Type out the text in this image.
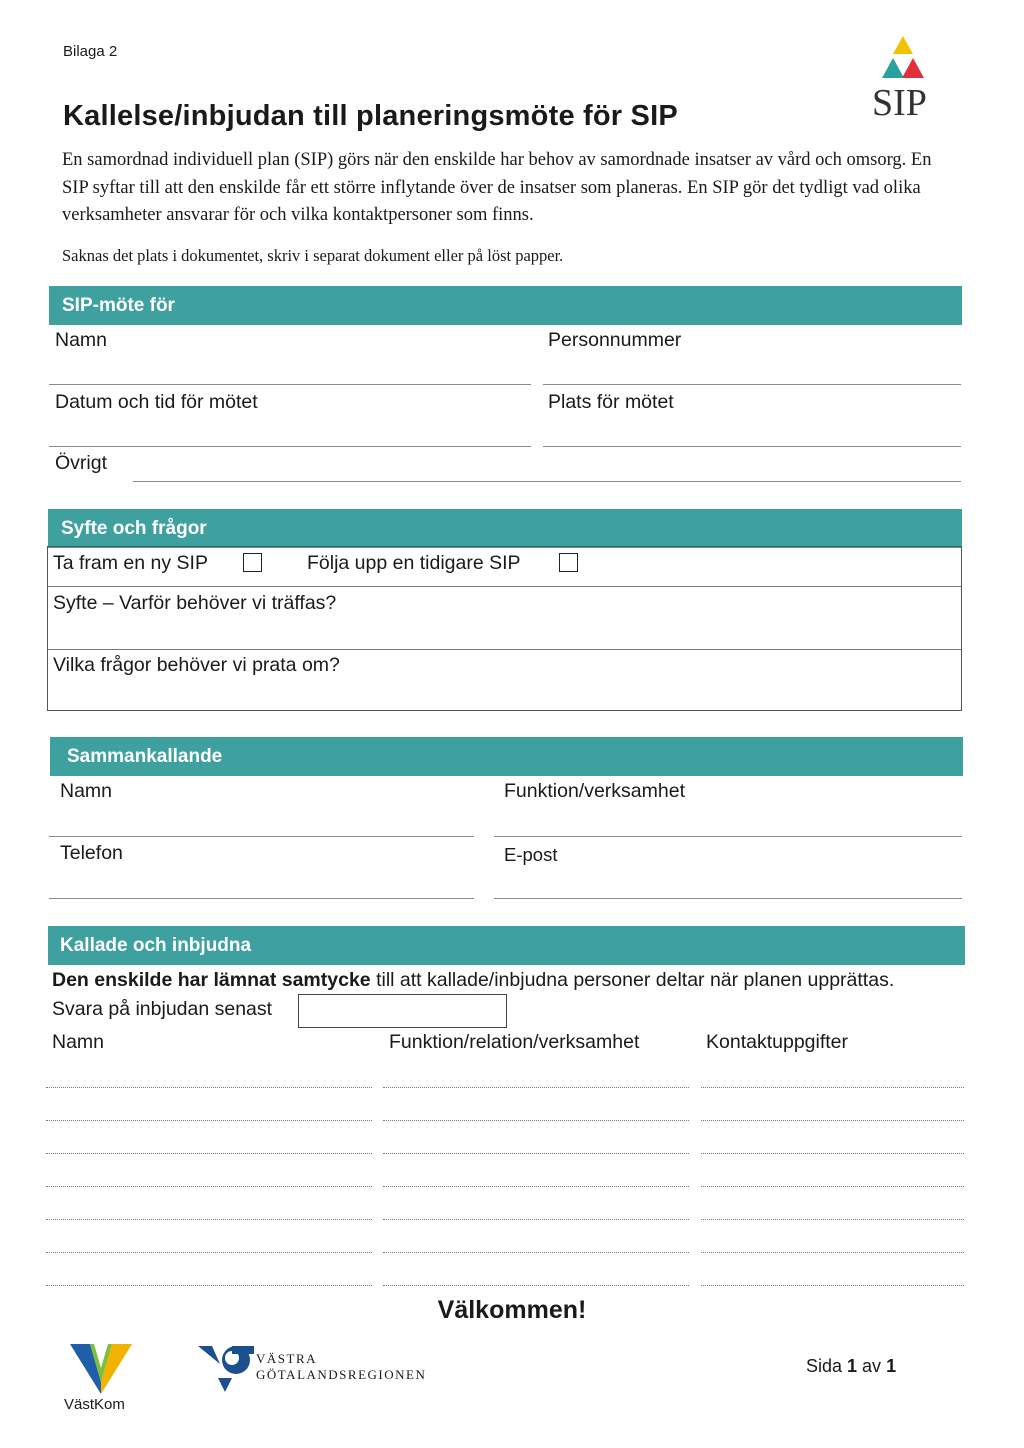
Bilaga 2
SIP
Kallelse/inbjudan till planeringsmöte för SIP
En samordnad individuell plan (SIP) görs när den enskilde har behov av samordnade insatser av vård och omsorg. En SIP syftar till att den enskilde får ett större inflytande över de insatser som planeras. En SIP gör det tydligt vad olika verksamheter ansvarar för och vilka kontaktpersoner som finns.
Saknas det plats i dokumentet, skriv i separat dokument eller på löst papper.
SIP-möte för
Namn	Personnummer
Datum och tid för mötet	Plats för mötet
Övrigt
Syfte och frågor
Ta fram en ny SIP	Följa upp en tidigare SIP
Syfte – Varför behöver vi träffas?
Vilka frågor behöver vi prata om?
Sammankallande
Namn	Funktion/verksamhet
Telefon	E-post
Kallade och inbjudna
Den enskilde har lämnat samtycke till att kallade/inbjudna personer deltar när planen upprättas.
Svara på inbjudan senast
Namn	Funktion/relation/verksamhet	Kontaktuppgifter
Välkommen!
VästKom
VÄSTRA
GÖTALANDSREGIONEN	Sida 1 av 1
